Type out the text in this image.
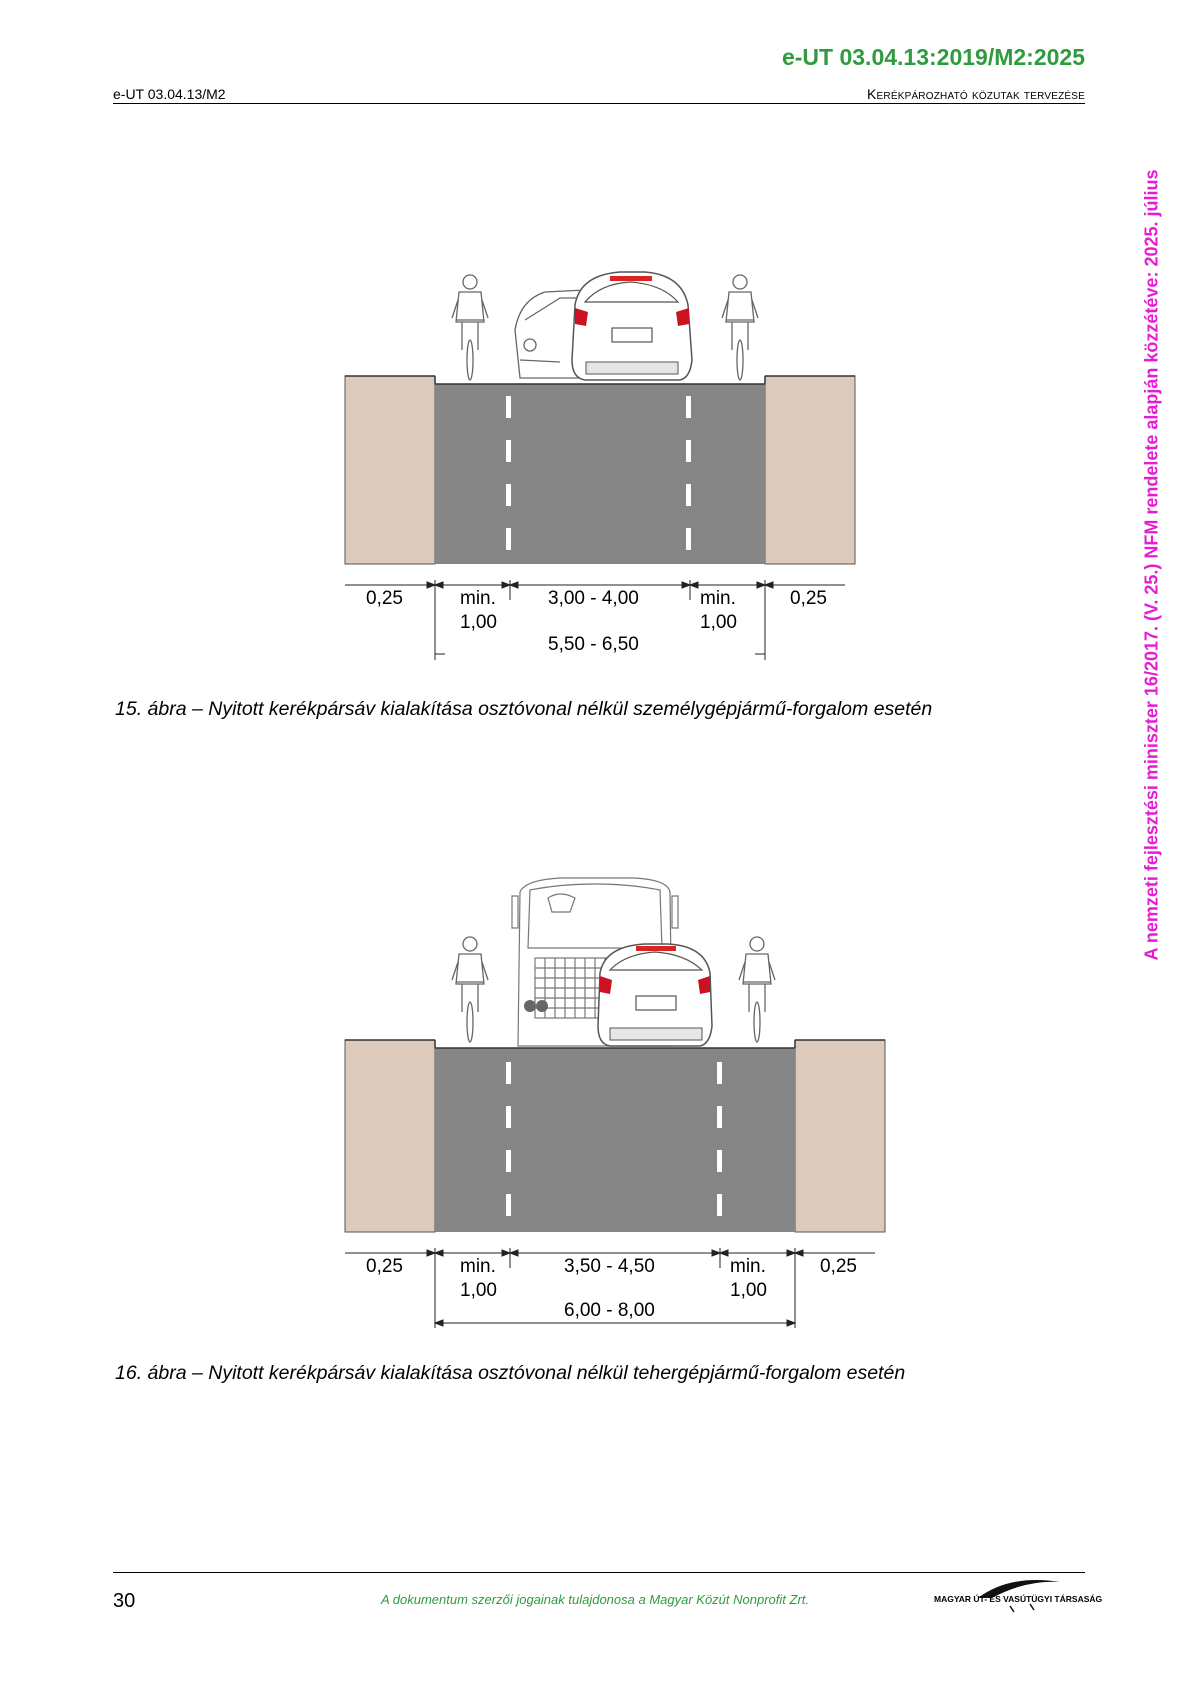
e-UT 03.04.13:2019/M2:2025
e-UT 03.04.13/M2	Kerékpározható közutak tervezése
A nemzeti fejlesztési miniszter 16/2017. (V. 25.) NFM rendelete alapján közzétéve: 2025. július
0,25	min.
1,00
3,00 - 4,00	min.
1,00
0,25
5,50 - 6,50
15. ábra – Nyitott kerékpársáv kialakítása osztóvonal nélkül személygépjármű-forgalom esetén
0,25	min.
1,00
3,50 - 4,50	min.
1,00
0,25
6,00 - 8,00
16. ábra – Nyitott kerékpársáv kialakítása osztóvonal nélkül tehergépjármű-forgalom esetén
30	A dokumentum szerzői jogainak tulajdonosa a Magyar Közút Nonprofit Zrt.	MAGYAR ÚT- ÉS VASÚTÜGYI TÁRSASÁG
